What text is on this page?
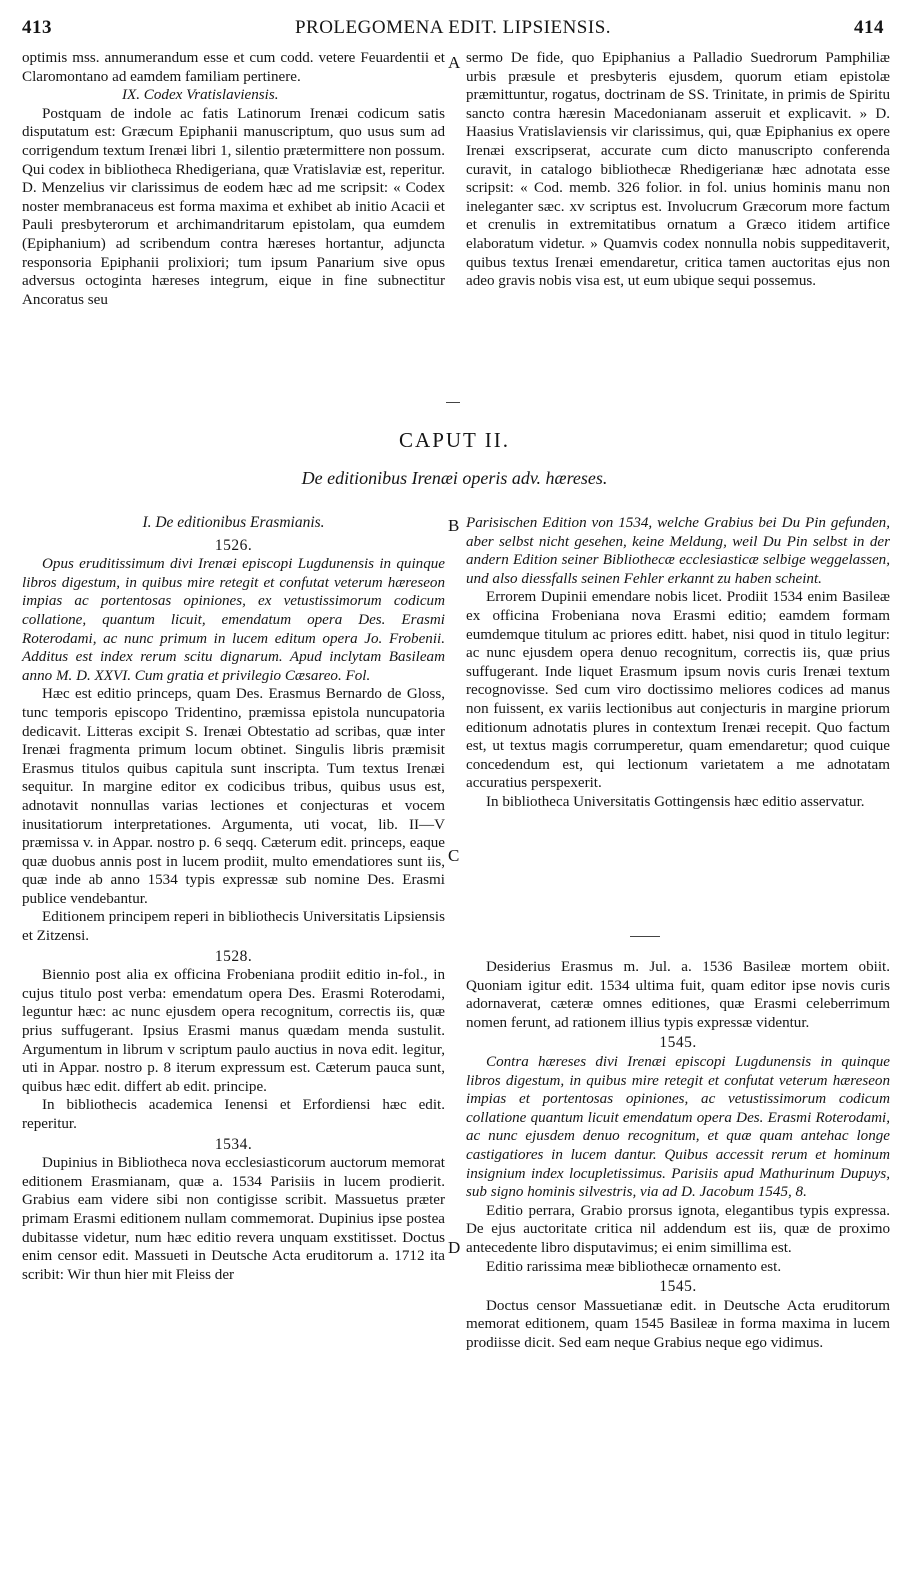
413	PROLEGOMENA EDIT. LIPSIENSIS.	414
A
B
C
D

optimis mss. annumerandum esse et cum codd. vetere Feuardentii et Claromontano ad eamdem familiam pertinere.

IX. Codex Vratislaviensis.

Postquam de indole ac fatis Latinorum Irenæi codicum satis disputatum est: Græcum Epiphanii manuscriptum, quo usus sum ad corrigendum textum Irenæi libri 1, silentio prætermittere non possum. Qui codex in bibliotheca Rhedigeriana, quæ Vratislaviæ est, reperitur. D. Menzelius vir clarissimus de eodem hæc ad me scripsit: « Codex noster membranaceus est forma maxima et exhibet ab initio Acacii et Pauli presbyterorum et archimandritarum epistolam, qua eumdem (Epiphanium) ad scribendum contra hæreses hortantur, adjuncta responsoria Epiphanii prolixiori; tum ipsum Panarium sive opus adversus octoginta hæreses integrum, eique in fine subnectitur Ancoratus seu

sermo De fide, quo Epiphanius a Palladio Suedrorum Pamphiliæ urbis præsule et presbyteris ejusdem, quorum etiam epistolæ præmittuntur, rogatus, doctrinam de SS. Trinitate, in primis de Spiritu sancto contra hæresin Macedonianam asseruit et explicavit. » D. Haasius Vratislaviensis vir clarissimus, qui, quæ Epiphanius ex opere Irenæi exscripserat, accurate cum dicto manuscripto conferenda curavit, in catalogo bibliothecæ Rhedigerianæ hæc adnotata esse scripsit: « Cod. memb. 326 folior. in fol. unius hominis manu non ineleganter sæc. xv scriptus est. Involucrum Græcorum more factum et crenulis in extremitatibus ornatum a Græco itidem artifice elaboratum videtur. » Quamvis codex nonnulla nobis suppeditaverit, quibus textus Irenæi emendaretur, critica tamen auctoritas ejus non adeo gravis nobis visa est, ut eum ubique sequi possemus.

CAPUT II.
De editionibus Irenæi operis adv. hæreses.

I. De editionibus Erasmianis.

1526.

Opus eruditissimum divi Irenæi episcopi Lugdunensis in quinque libros digestum, in quibus mire retegit et confutat veterum hæreseon impias ac portentosas opiniones, ex vetustissimorum codicum collatione, quantum licuit, emendatum opera Des. Erasmi Roterodami, ac nunc primum in lucem editum opera Jo. Frobenii. Additus est index rerum scitu dignarum. Apud inclytam Basileam anno M. D. XXVI. Cum gratia et privilegio Cæsareo. Fol.

Hæc est editio princeps, quam Des. Erasmus Bernardo de Gloss, tunc temporis episcopo Tridentino, præmissa epistola nuncupatoria dedicavit. Litteras excipit S. Irenæi Obtestatio ad scribas, quæ inter Irenæi fragmenta primum locum obtinet. Singulis libris præmisit Erasmus titulos quibus capitula sunt inscripta. Tum textus Irenæi sequitur. In margine editor ex codicibus tribus, quibus usus est, adnotavit nonnullas varias lectiones et conjecturas et vocem inusitatiorum interpretationes. Argumenta, uti vocat, lib. II—V præmissa v. in Appar. nostro p. 6 seqq. Cæterum edit. princeps, eaque quæ duobus annis post in lucem prodiit, multo emendatiores sunt iis, quæ inde ab anno 1534 typis expressæ sub nomine Des. Erasmi publice vendebantur.

Editionem principem reperi in bibliothecis Universitatis Lipsiensis et Zitzensi.

1528.

Biennio post alia ex officina Frobeniana prodiit editio in-fol., in cujus titulo post verba: emendatum opera Des. Erasmi Roterodami, leguntur hæc: ac nunc ejusdem opera recognitum, correctis iis, quæ prius suffugerant. Ipsius Erasmi manus quædam menda sustulit. Argumentum in librum v scriptum paulo auctius in nova edit. legitur, uti in Appar. nostro p. 8 iterum expressum est. Cæterum pauca sunt, quibus hæc edit. differt ab edit. principe.

In bibliothecis academica Ienensi et Erfordiensi hæc edit. reperitur.

1534.

Dupinius in Bibliotheca nova ecclesiasticorum auctorum memorat editionem Erasmianam, quæ a. 1534 Parisiis in lucem prodierit. Grabius eam videre sibi non contigisse scribit. Massuetus præter primam Erasmi editionem nullam commemorat. Dupinius ipse postea dubitasse videtur, num hæc editio revera unquam exstitisset. Doctus enim censor edit. Massueti in Deutsche Acta eruditorum a. 1712 ita scribit: Wir thun hier mit Fleiss der

Parisischen Edition von 1534, welche Grabius bei Du Pin gefunden, aber selbst nicht gesehen, keine Meldung, weil Du Pin selbst in der andern Edition seiner Bibliothecæ ecclesiasticæ selbige weggelassen, und also diessfalls seinen Fehler erkannt zu haben scheint.

Errorem Dupinii emendare nobis licet. Prodiit 1534 enim Basileæ ex officina Frobeniana nova Erasmi editio; eamdem formam eumdemque titulum ac priores editt. habet, nisi quod in titulo legitur: ac nunc ejusdem opera denuo recognitum, correctis iis, quæ prius suffugerant. Inde liquet Erasmum ipsum novis curis Irenæi textum recognovisse. Sed cum viro doctissimo meliores codices ad manus non fuissent, ex variis lectionibus aut conjecturis in margine priorum editionum adnotatis plures in contextum Irenæi recepit. Quo factum est, ut textus magis corrumperetur, quam emendaretur; quod cuique concedendum est, qui lectionum varietatem a me adnotatam accuratius perspexerit.

In bibliotheca Universitatis Gottingensis hæc editio asservatur.

Desiderius Erasmus m. Jul. a. 1536 Basileæ mortem obiit. Quoniam igitur edit. 1534 ultima fuit, quam editor ipse novis curis adornaverat, cæteræ omnes editiones, quæ Erasmi celeberrimum nomen ferunt, ad rationem illius typis expressæ videntur.

1545.

Contra hæreses divi Irenæi episcopi Lugdunensis in quinque libros digestum, in quibus mire retegit et confutat veterum hæreseon impias et portentosas opiniones, ac vetustissimorum codicum collatione quantum licuit emendatum opera Des. Erasmi Roterodami, ac nunc ejusdem denuo recognitum, et quæ quam antehac longe castigatiores in lucem dantur. Quibus accessit rerum et hominum insignium index locupletissimus. Parisiis apud Mathurinum Dupuys, sub signo hominis silvestris, via ad D. Jacobum 1545, 8.

Editio perrara, Grabio prorsus ignota, elegantibus typis expressa. De ejus auctoritate critica nil addendum est iis, quæ de proximo antecedente libro disputavimus; ei enim simillima est.

Editio rarissima meæ bibliothecæ ornamento est.

1545.

Doctus censor Massuetianæ edit. in Deutsche Acta eruditorum memorat editionem, quam 1545 Basileæ in forma maxima in lucem prodiisse dicit. Sed eam neque Grabius neque ego vidimus.
